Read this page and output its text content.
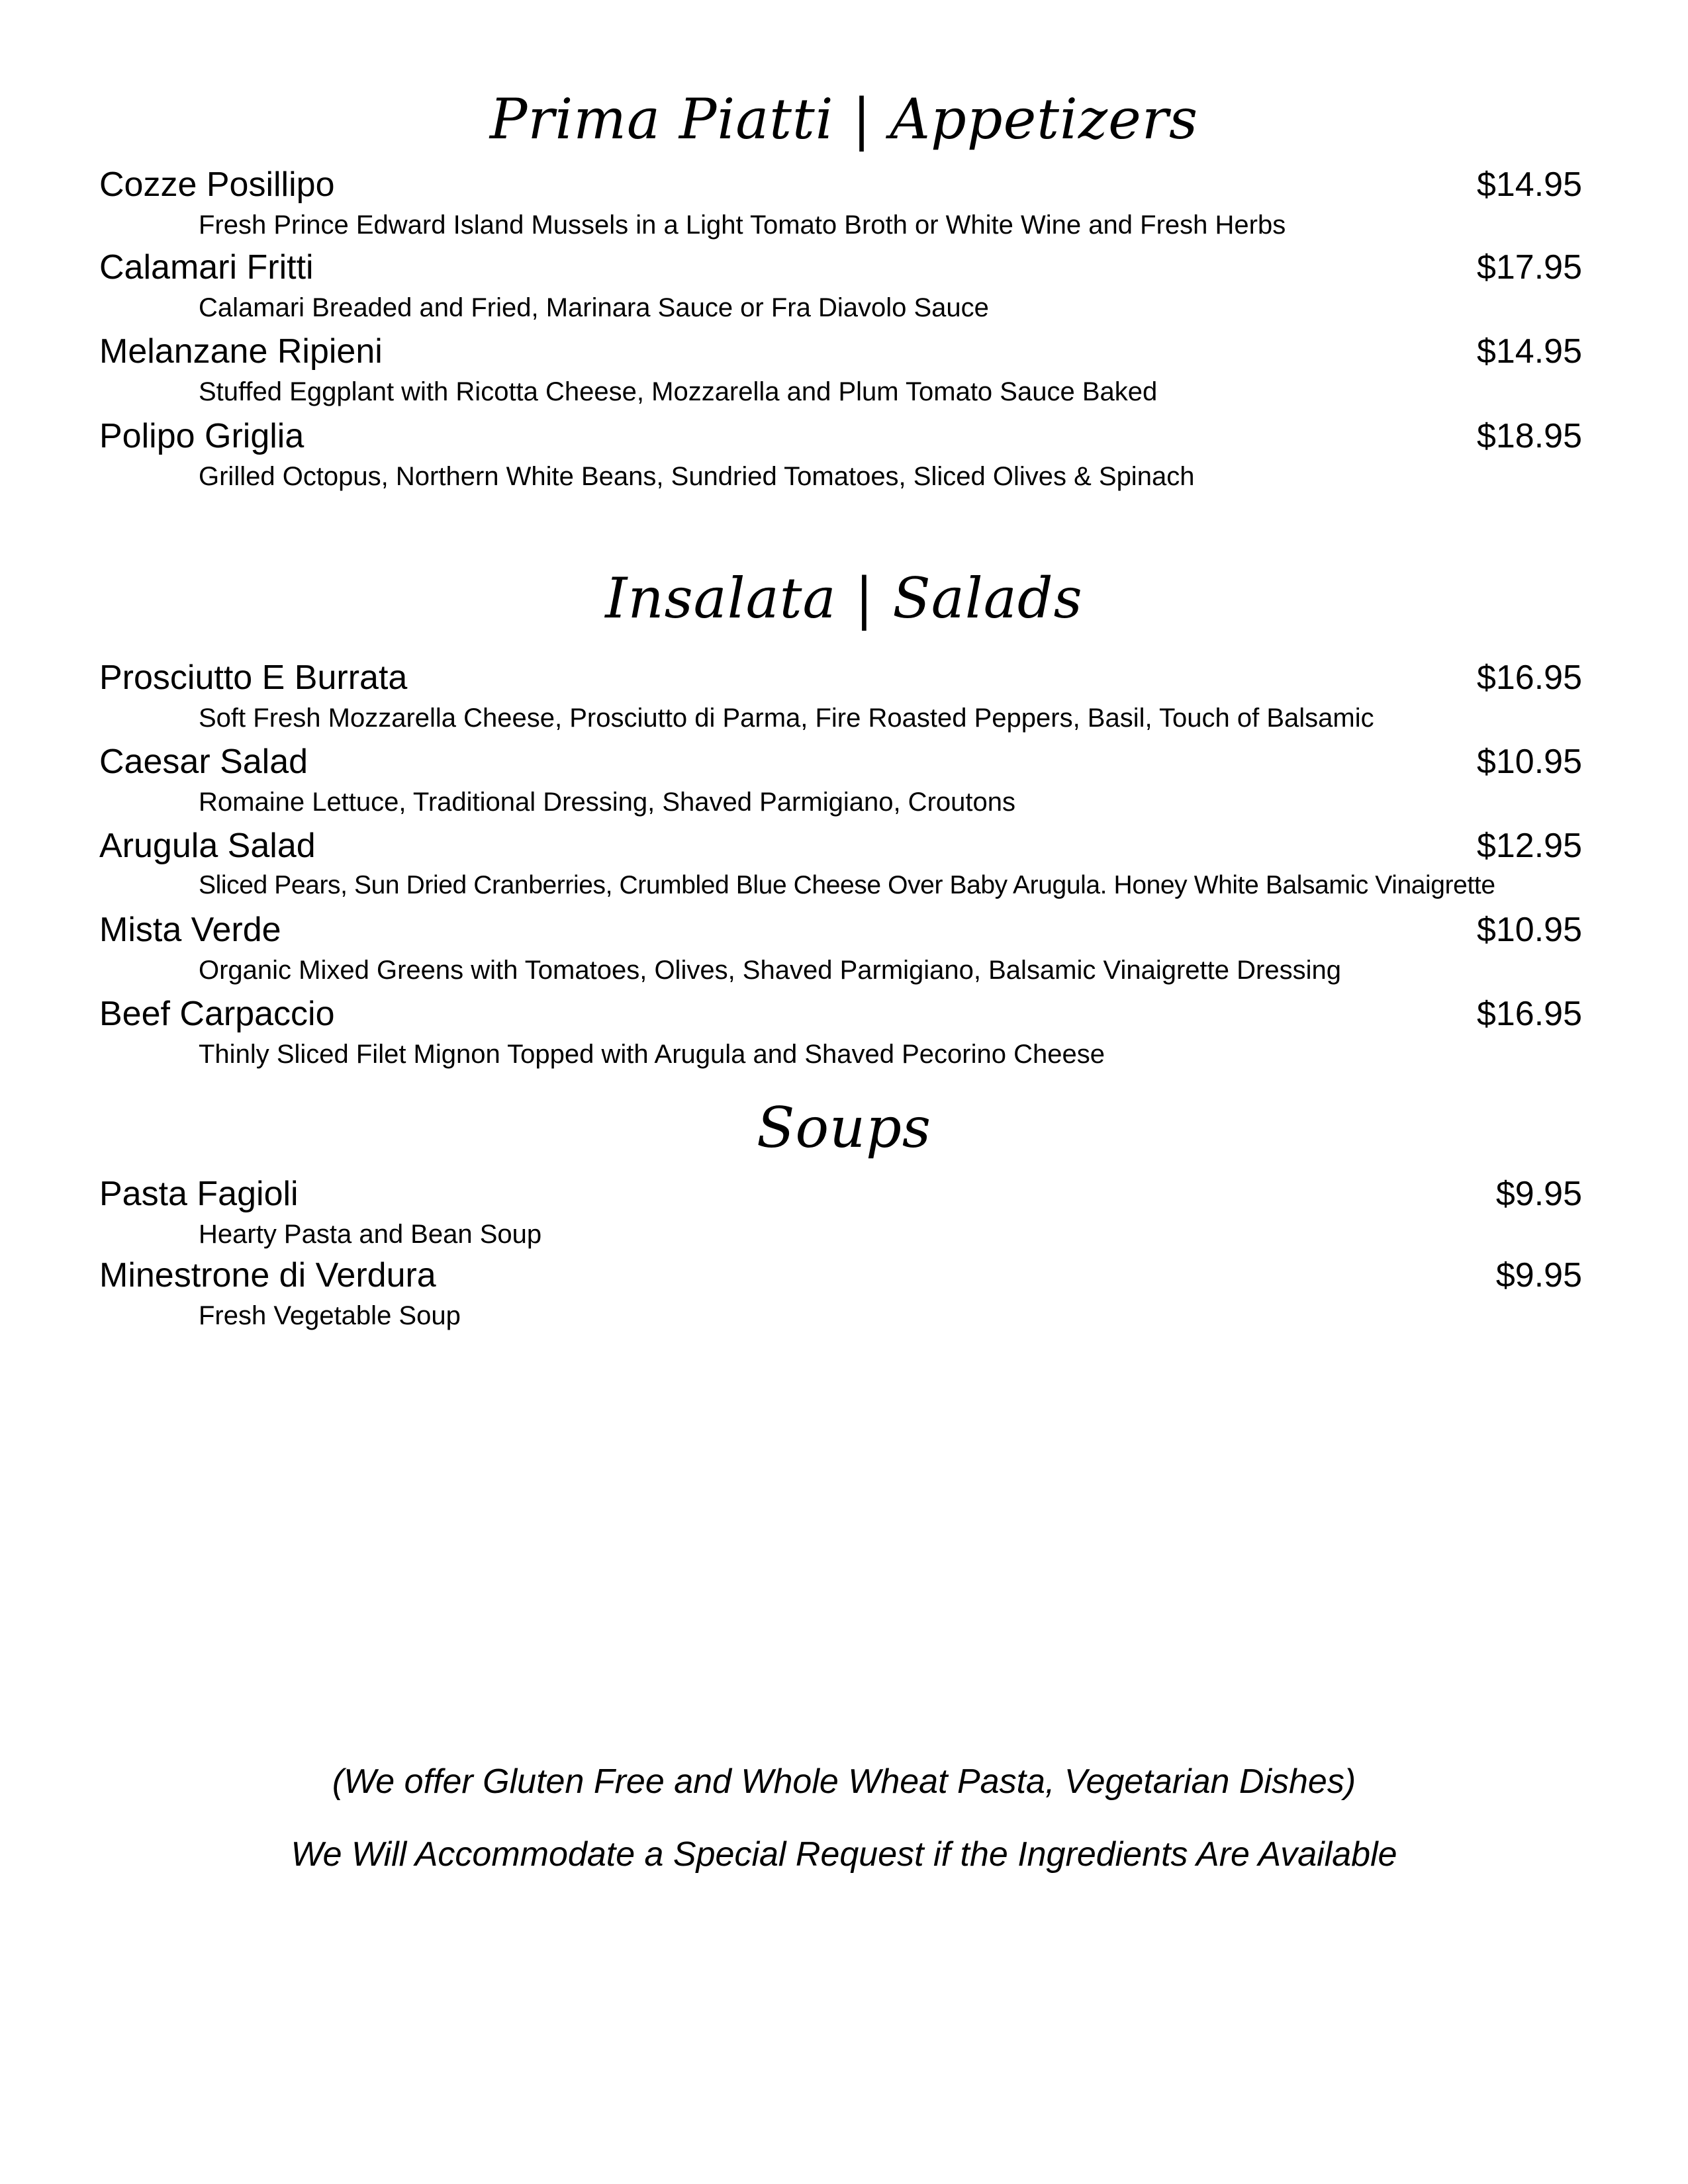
Prima Piatti | Appetizers
Cozze Posillipo	$14.95
Fresh Prince Edward Island Mussels in a Light Tomato Broth or White Wine and Fresh Herbs
Calamari Fritti	$17.95
Calamari Breaded and Fried, Marinara Sauce or Fra Diavolo Sauce
Melanzane Ripieni	$14.95
Stuffed Eggplant with Ricotta Cheese, Mozzarella and Plum Tomato Sauce Baked
Polipo Griglia	$18.95
Grilled Octopus, Northern White Beans, Sundried Tomatoes, Sliced Olives & Spinach
Insalata | Salads
Prosciutto E Burrata	$16.95
Soft Fresh Mozzarella Cheese, Prosciutto di Parma, Fire Roasted Peppers, Basil, Touch of Balsamic
Caesar Salad	$10.95
Romaine Lettuce, Traditional Dressing, Shaved Parmigiano, Croutons
Arugula Salad	$12.95
Sliced Pears, Sun Dried Cranberries, Crumbled Blue Cheese Over Baby Arugula. Honey White Balsamic Vinaigrette
Mista Verde	$10.95
Organic Mixed Greens with Tomatoes, Olives, Shaved Parmigiano, Balsamic Vinaigrette Dressing
Beef Carpaccio	$16.95
Thinly Sliced Filet Mignon Topped with Arugula and Shaved Pecorino Cheese
Soups
Pasta Fagioli	$9.95
Hearty Pasta and Bean Soup
Minestrone di Verdura	$9.95
Fresh Vegetable Soup
(We offer Gluten Free and Whole Wheat Pasta, Vegetarian Dishes)
We Will Accommodate a Special Request if the Ingredients Are Available
